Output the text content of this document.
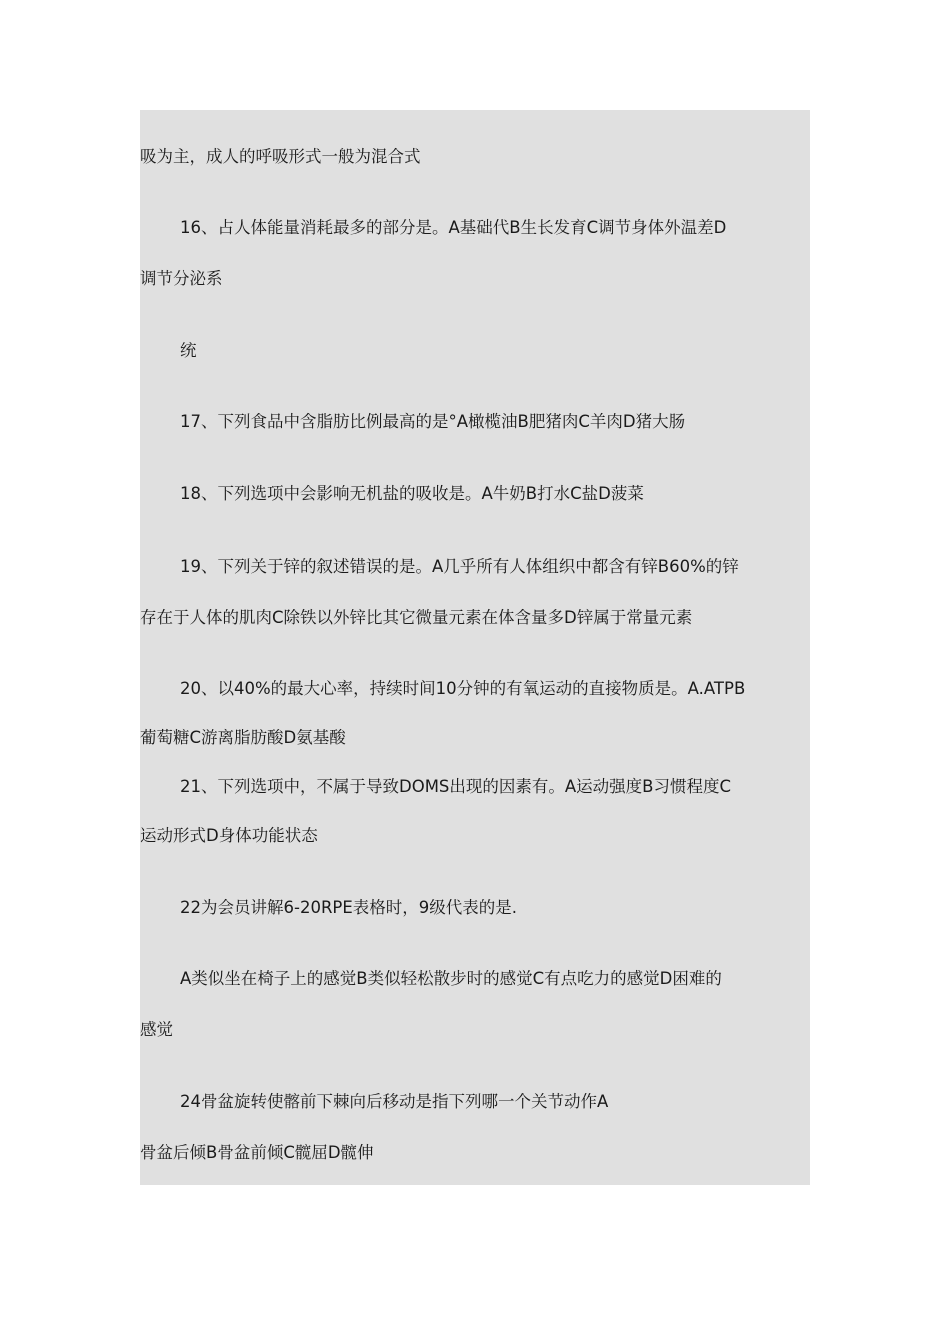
吸为主，成人的呼吸形式一般为混合式
16、占人体能量消耗最多的部分是。A基础代B生长发育C调节身体外温差D
调节分泌系
统
17、下列食品中含脂肪比例最高的是°A橄榄油B肥猪肉C羊肉D猪大肠
18、下列选项中会影响无机盐的吸收是。A牛奶B打水C盐D菠菜
19、下列关于锌的叙述错误的是。A几乎所有人体组织中都含有锌B60%的锌
存在于人体的肌肉C除铁以外锌比其它微量元素在体含量多D锌属于常量元素
20、以40%的最大心率，持续时间10分钟的有氧运动的直接物质是。A.ATPB
葡萄糖C游离脂肪酸D氨基酸
21、下列选项中，不属于导致DOMS出现的因素有。A运动强度B习惯程度C
运动形式D身体功能状态
22为会员讲解6-20RPE表格时，9级代表的是.
A类似坐在椅子上的感觉B类似轻松散步时的感觉C有点吃力的感觉D困难的
感觉
24骨盆旋转使髂前下棘向后移动是指下列哪一个关节动作A
骨盆后倾B骨盆前倾C髋屈D髋伸
